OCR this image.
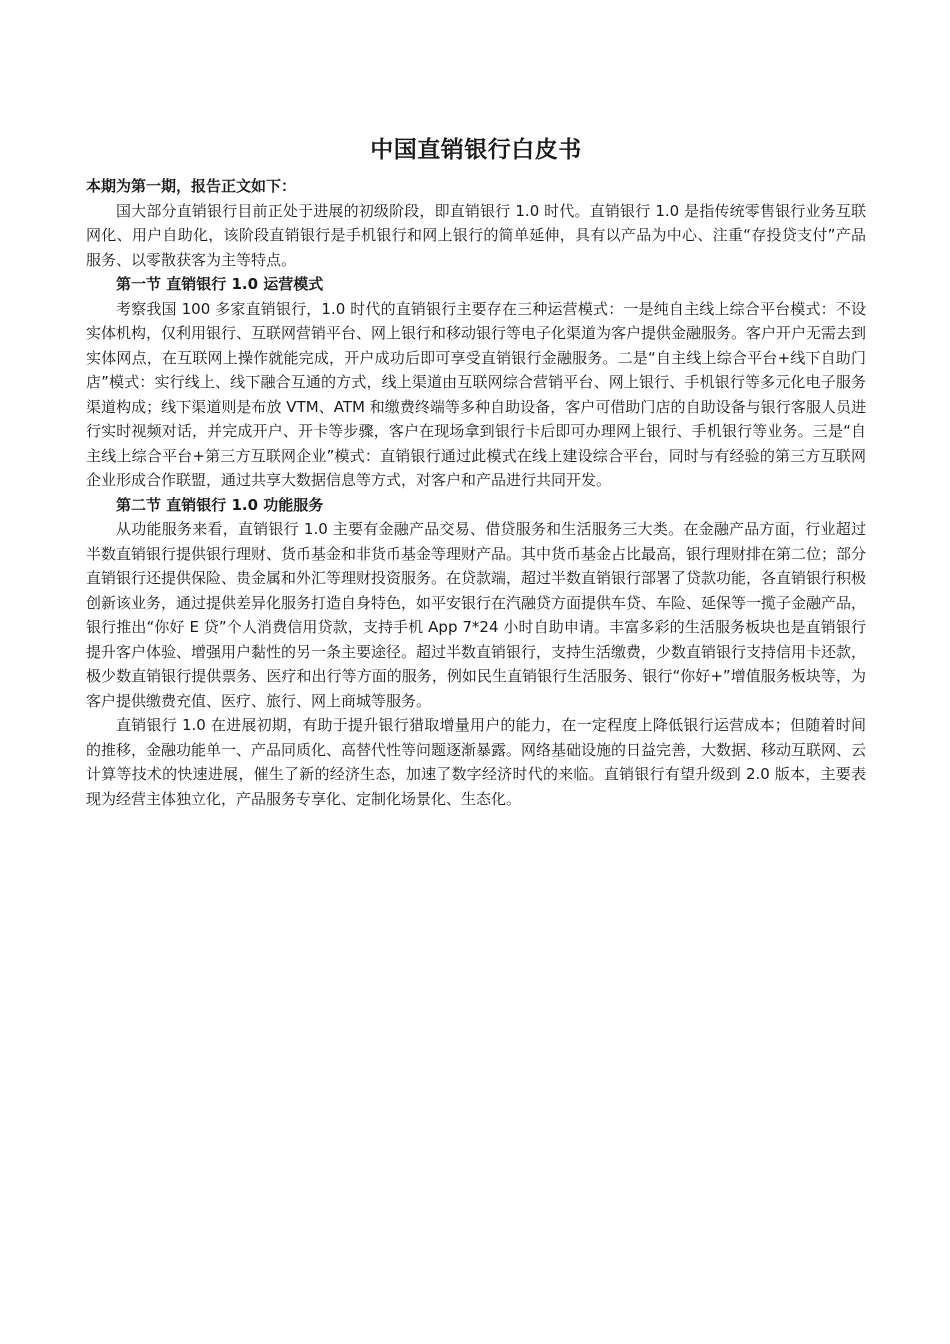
中国直销银行白皮书

本期为第一期，报告正文如下：

国大部分直销银行目前正处于进展的初级阶段，即直销银行 1.0 时代。直销银行 1.0 是指传统零售银行业务互联网化、用户自助化，该阶段直销银行是手机银行和网上银行的简单延伸，具有以产品为中心、注重“存投贷支付”产品服务、以零散获客为主等特点。

第一节 直销银行 1.0 运营模式

考察我国 100 多家直销银行，1.0 时代的直销银行主要存在三种运营模式：一是纯自主线上综合平台模式：不设实体机构，仅利用银行、互联网营销平台、网上银行和移动银行等电子化渠道为客户提供金融服务。客户开户无需去到实体网点，在互联网上操作就能完成，开户成功后即可享受直销银行金融服务。二是“自主线上综合平台+线下自助门店”模式：实行线上、线下融合互通的方式，线上渠道由互联网综合营销平台、网上银行、手机银行等多元化电子服务渠道构成；线下渠道则是布放 VTM、ATM 和缴费终端等多种自助设备，客户可借助门店的自助设备与银行客服人员进行实时视频对话，并完成开户、开卡等步骤，客户在现场拿到银行卡后即可办理网上银行、手机银行等业务。三是“自主线上综合平台+第三方互联网企业”模式：直销银行通过此模式在线上建设综合平台，同时与有经验的第三方互联网企业形成合作联盟，通过共享大数据信息等方式，对客户和产品进行共同开发。

第二节 直销银行 1.0 功能服务

从功能服务来看，直销银行 1.0 主要有金融产品交易、借贷服务和生活服务三大类。在金融产品方面，行业超过半数直销银行提供银行理财、货币基金和非货币基金等理财产品。其中货币基金占比最高，银行理财排在第二位；部分直销银行还提供保险、贵金属和外汇等理财投资服务。在贷款端，超过半数直销银行部署了贷款功能，各直销银行积极创新该业务，通过提供差异化服务打造自身特色，如平安银行在汽融贷方面提供车贷、车险、延保等一揽子金融产品，银行推出“你好 E 贷”个人消费信用贷款，支持手机 App 7*24 小时自助申请。丰富多彩的生活服务板块也是直销银行提升客户体验、增强用户黏性的另一条主要途径。超过半数直销银行，支持生活缴费，少数直销银行支持信用卡还款，极少数直销银行提供票务、医疗和出行等方面的服务，例如民生直销银行生活服务、银行“你好+”增值服务板块等，为客户提供缴费充值、医疗、旅行、网上商城等服务。

直销银行 1.0 在进展初期，有助于提升银行猎取增量用户的能力，在一定程度上降低银行运营成本；但随着时间的推移，金融功能单一、产品同质化、高替代性等问题逐渐暴露。网络基础设施的日益完善，大数据、移动互联网、云计算等技术的快速进展，催生了新的经济生态，加速了数字经济时代的来临。直销银行有望升级到 2.0 版本，主要表现为经营主体独立化，产品服务专享化、定制化场景化、生态化。
